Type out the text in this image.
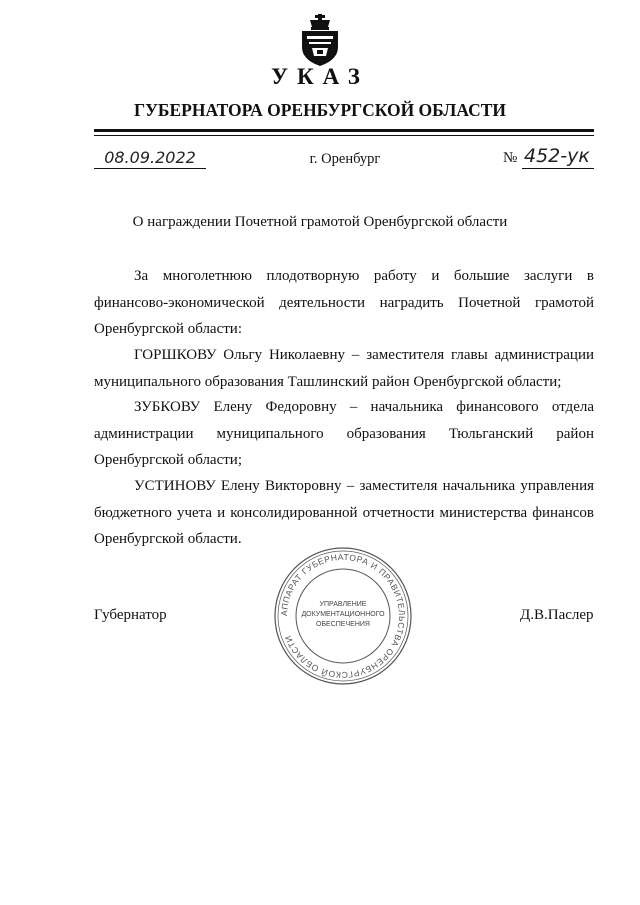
УКАЗ
ГУБЕРНАТОРА ОРЕНБУРГСКОЙ ОБЛАСТИ
08.09.2022	г. Оренбург	№ 452-ук
О награждении Почетной грамотой Оренбургской области
За многолетнюю плодотворную работу и большие заслуги в финансово-экономической деятельности наградить Почетной грамотой Оренбургской области:
ГОРШКОВУ Ольгу Николаевну – заместителя главы администрации муниципального образования Ташлинский район Оренбургской области;
ЗУБКОВУ Елену Федоровну – начальника финансового отдела администрации муниципального образования Тюльганский район Оренбургской области;
УСТИНОВУ Елену Викторовну – заместителя начальника управления бюджетного учета и консолидированной отчетности министерства финансов Оренбургской области.
Губернатор	Д.В.Паслер
АППАРАТ ГУБЕРНАТОРА И ПРАВИТЕЛЬСТВА ОРЕНБУРГСКОЙ ОБЛАСТИ
УПРАВЛЕНИЕ
ДОКУМЕНТАЦИОННОГО
ОБЕСПЕЧЕНИЯ
